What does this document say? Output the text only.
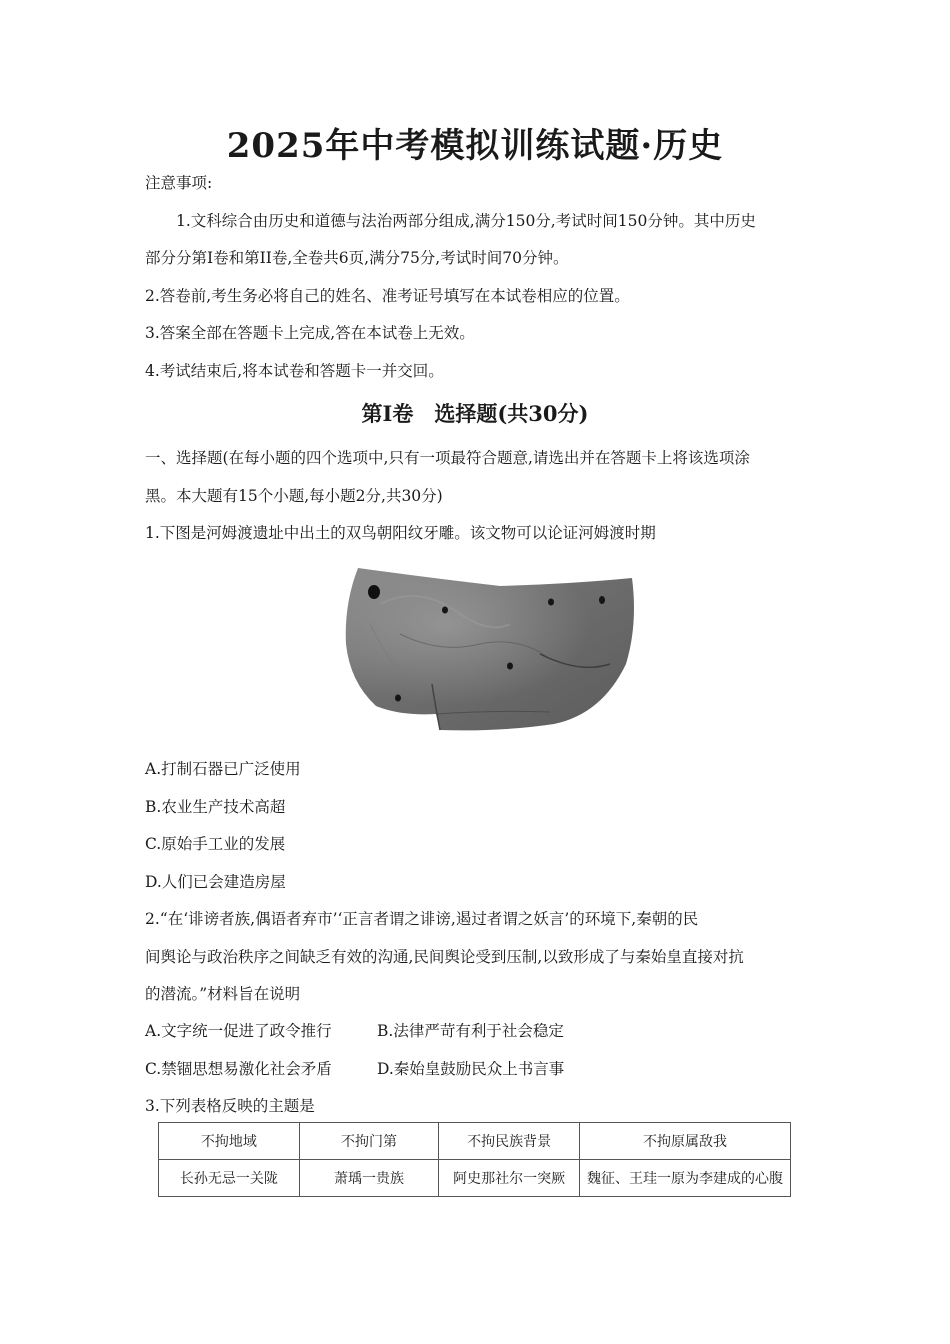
2025年中考模拟训练试题·历史
注意事项:
1.文科综合由历史和道德与法治两部分组成,满分150分,考试时间150分钟。其中历史
部分分第Ⅰ卷和第II卷,全卷共6页,满分75分,考试时间70分钟。
2.答卷前,考生务必将自己的姓名、准考证号填写在本试卷相应的位置。
3.答案全部在答题卡上完成,答在本试卷上无效。
4.考试结束后,将本试卷和答题卡一并交回。
第Ⅰ卷　选择题(共30分)
一、选择题(在每小题的四个选项中,只有一项最符合题意,请选出并在答题卡上将该选项涂
黑。本大题有15个小题,每小题2分,共30分)
1.下图是河姆渡遗址中出土的双鸟朝阳纹牙雕。该文物可以论证河姆渡时期
A.打制石器已广泛使用
B.农业生产技术高超
C.原始手工业的发展
D.人们已会建造房屋
2.“在‘诽谤者族,偶语者弃市’‘正言者谓之诽谤,遏过者谓之妖言’的环境下,秦朝的民
间舆论与政治秩序之间缺乏有效的沟通,民间舆论受到压制,以致形成了与秦始皇直接对抗
的潜流。”材料旨在说明
A.文字统一促进了政令推行	B.法律严苛有利于社会稳定
C.禁锢思想易激化社会矛盾	D.秦始皇鼓励民众上书言事
3.下列表格反映的主题是
不拘地域	不拘门第	不拘民族背景	不拘原属敌我
长孙无忌一关陇	萧瑀一贵族	阿史那社尔一突厥	魏征、王珪一原为李建成的心腹
